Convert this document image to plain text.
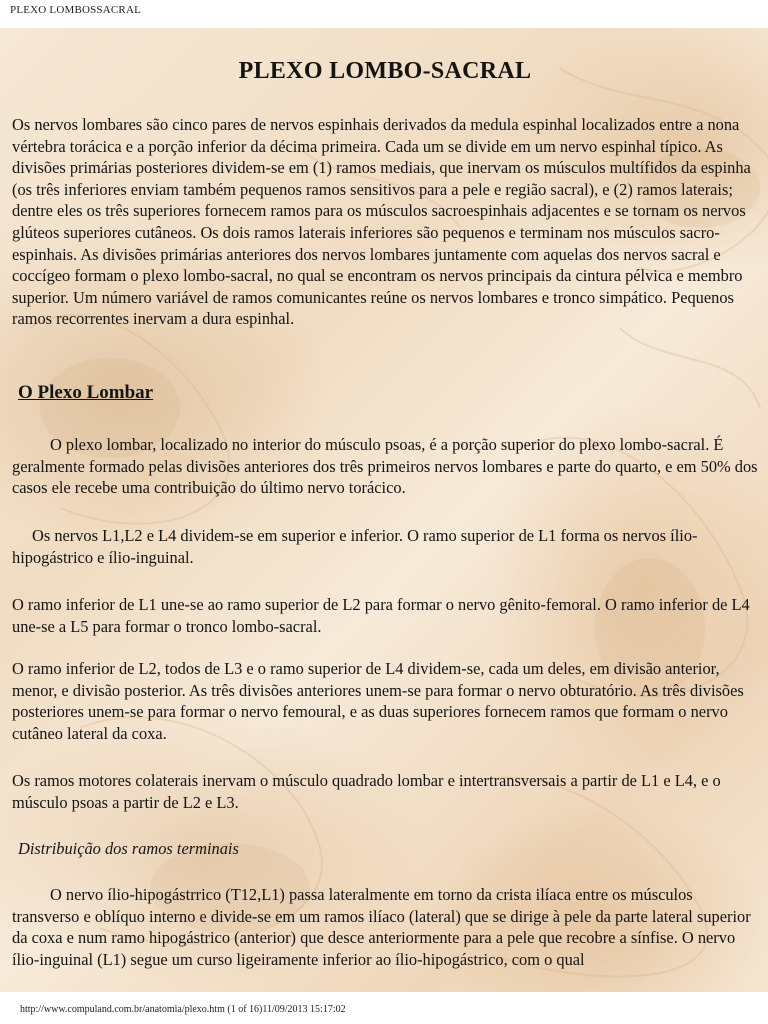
PLEXO LOMBOSSACRAL
PLEXO LOMBO-SACRAL

Os nervos lombares são cinco pares de nervos espinhais derivados da medula espinhal localizados entre a nona vértebra torácica e a porção inferior da décima primeira. Cada um se divide em um nervo espinhal típico. As divisões primárias posteriores dividem-se em (1) ramos mediais, que inervam os músculos multífidos da espinha (os três inferiores enviam também pequenos ramos sensitivos para a pele e região sacral), e (2) ramos laterais; dentre eles os três superiores fornecem ramos para os músculos sacroespinhais adjacentes e se tornam os nervos glúteos superiores cutâneos. Os dois ramos laterais inferiores são pequenos e terminam nos músculos sacro-espinhais. As divisões primárias anteriores dos nervos lombares juntamente com aquelas dos nervos sacral e coccígeo formam o plexo lombo-sacral, no qual se encontram os nervos principais da cintura pélvica e membro superior. Um número variável de ramos comunicantes reúne os nervos lombares e tronco simpático. Pequenos ramos recorrentes inervam a dura espinhal.

O Plexo Lombar

O plexo lombar, localizado no interior do músculo psoas, é a porção superior do plexo lombo-sacral. É geralmente formado pelas divisões anteriores dos três primeiros nervos lombares e parte do quarto, e em 50% dos casos ele recebe uma contribuição do último nervo torácico.

Os nervos L1,L2 e L4 dividem-se em superior e inferior. O ramo superior de L1 forma os nervos ílio-hipogástrico e ílio-inguinal.

O ramo inferior de L1 une-se ao ramo superior de L2 para formar o nervo gênito-femoral. O ramo inferior de L4 une-se a L5 para formar o tronco lombo-sacral.

O ramo inferior de L2, todos de L3 e o ramo superior de L4 dividem-se, cada um deles, em divisão anterior, menor, e divisão posterior. As três divisões anteriores unem-se para formar o nervo obturatório. As três divisões posteriores unem-se para formar o nervo femoural, e as duas superiores fornecem ramos que formam o nervo cutâneo lateral da coxa.

Os ramos motores colaterais inervam o músculo quadrado lombar e intertransversais a partir de L1 e L4, e o músculo psoas a partir de L2 e L3.

Distribuição dos ramos terminais

O nervo ílio-hipogástrrico (T12,L1) passa lateralmente em torno da crista ilíaca entre os músculos transverso e oblíquo interno e divide-se em um ramos ilíaco (lateral) que se dirige à pele da parte lateral superior da coxa e num ramo hipogástrico (anterior) que desce anteriormente para a pele que recobre a sínfise. O nervo ílio-inguinal (L1) segue um curso ligeiramente inferior ao ílio-hipogástrico, com o qual

http://www.compuland.com.br/anatomia/plexo.htm (1 of 16)11/09/2013 15:17:02
